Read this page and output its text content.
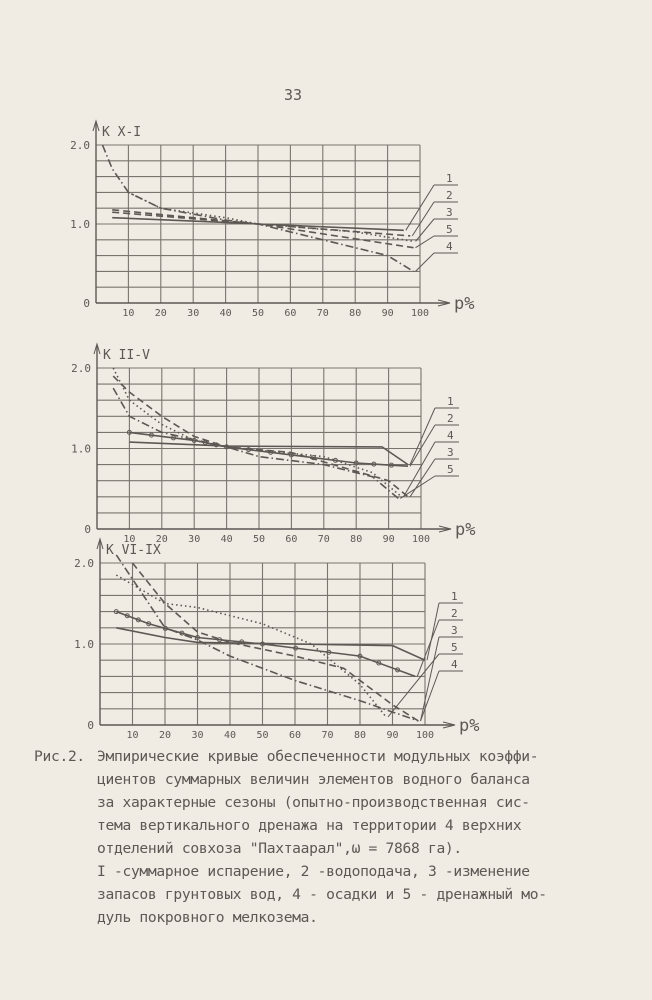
33
K X-I
p%
10 20 30 40 50 60 70 80 90 100
0
1.0
2.0
1
2
3
5
4
K II-V
p%
10 20 30 40 50 60 70 80 90 100
0
1.0
2.0
1
2
4
3
5
K VI-IX
p%
10 20 30 40 50 60 70 80 90 100
0
1.0
2.0
1
2
3
5
4
Рис.2. Эмпирические кривые обеспеченности модульных коэффи-
циентов суммарных величин элементов водного баланса
за характерные сезоны (опытно-производственная сис-
тема вертикального дренажа на территории 4 верхних
отделений совхоза "Пахтаарал",ω = 7868 га).
I -суммарное испарение, 2 -водоподача, 3 -изменение
запасов грунтовых вод, 4 - осадки и 5 - дренажный мо-
дуль покровного мелкозема.
